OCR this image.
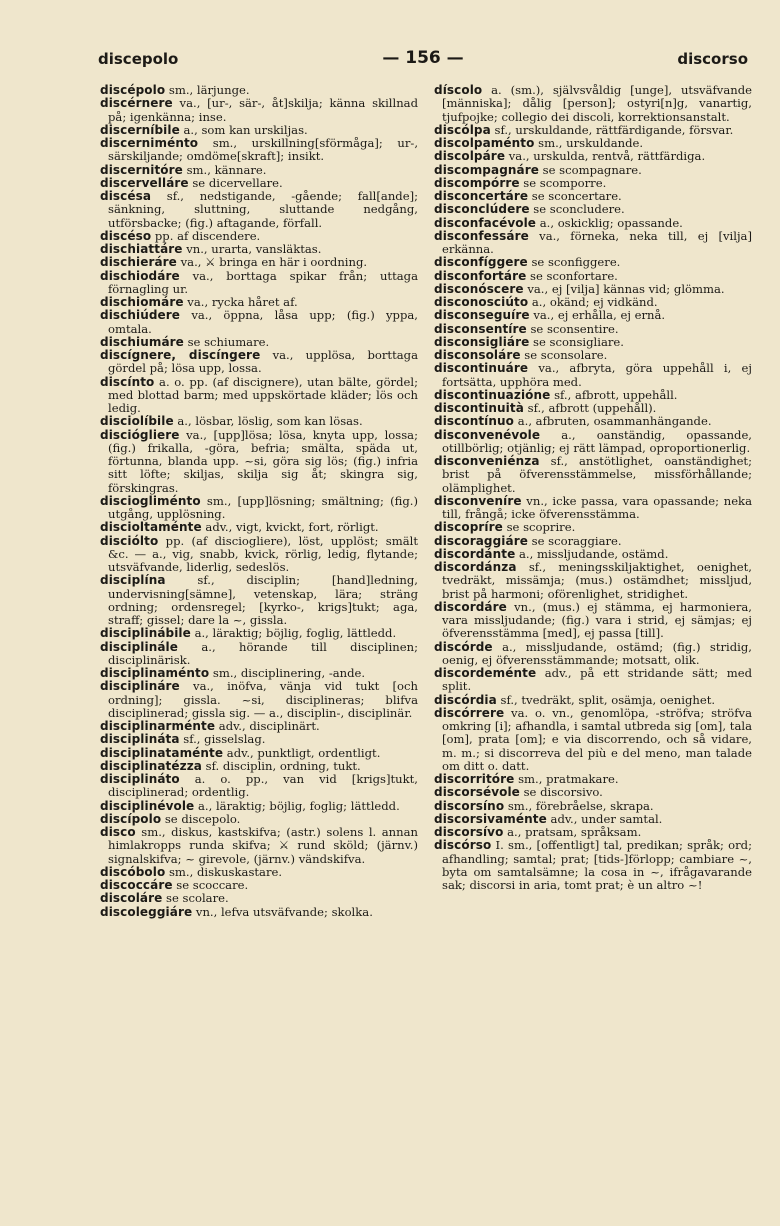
discepolo	— 156 —	discorso

discépolo sm., lärjunge.

discérnere va., [ur-, sär-, åt]skilja; känna skillnad på; igenkänna; inse.

discerníbile a., som kan urskiljas.

discerniménto sm., urskillning[sförmåga]; ur-, särskiljande; omdöme[skraft]; insikt.

discernitóre sm., kännare.

discervelláre se dicervellare.

discésa sf., nedstigande, -gående; fall[ande]; sänkning, sluttning, sluttande nedgång, utförsbacke; (fig.) aftagande, förfall.

discéso pp. af discendere.

dischiattáre vn., urarta, vansläktas.

dischieráre va., ⚔ bringa en här i oordning.

dischiodáre va., borttaga spikar från; uttaga förnagling ur.

dischiomáre va., rycka håret af.

dischiúdere va., öppna, låsa upp; (fig.) yppa, omtala.

dischiumáre se schiumare.

discígnere, discíngere va., upplösa, borttaga gördel på; lösa upp, lossa.

discínto a. o. pp. (af discignere), utan bälte, gördel; med blottad barm; med uppskörtade kläder; lös och ledig.

disciolíbile a., lösbar, löslig, som kan lösas.

disciógliere va., [upp]lösa; lösa, knyta upp, lossa; (fig.) frikalla, -göra, befria; smälta, späda ut, förtunna, blanda upp. ~si, göra sig lös; (fig.) infria sitt löfte; skiljas, skilja sig åt; skingra sig, förskingras.

disciogliménto sm., [upp]lösning; smältning; (fig.) utgång, upplösning.

discioltaménte adv., vigt, kvickt, fort, rörligt.

disciólto pp. (af disciogliere), löst, upplöst; smält &c. — a., vig, snabb, kvick, rörlig, ledig, flytande; utsväfvande, liderlig, sedeslös.

disciplína sf., disciplin; [hand]ledning, undervisning[sämne], vetenskap, lära; sträng ordning; ordensregel; [kyrko-, krigs]tukt; aga, straff; gissel; dare la ~, gissla.

disciplinábile a., läraktig; böjlig, foglig, lättledd.

disciplinále a., hörande till disciplinen; disciplinärisk.

disciplinaménto sm., disciplinering, -ande.

disciplináre va., inöfva, vänja vid tukt [och ordning]; gissla. ~si, disciplineras; blifva disciplinerad; gissla sig. — a., disciplin-, disciplinär.

disciplinarménte adv., disciplinärt.

disciplináta sf., gisselslag.

disciplinataménte adv., punktligt, ordentligt.

disciplinatézza sf. disciplin, ordning, tukt.

disciplináto a. o. pp., van vid [krigs]tukt, disciplinerad; ordentlig.

disciplinévole a., läraktig; böjlig, foglig; lättledd.

discípolo se discepolo.

disco sm., diskus, kastskifva; (astr.) solens l. annan himlakropps runda skifva; ⚔ rund sköld; (järnv.) signalskifva; ~ girevole, (järnv.) vändskifva.

discóbolo sm., diskuskastare.

discoccáre se scoccare.

discoláre se scolare.

discoleggiáre vn., lefva utsväfvande; skolka.

díscolo a. (sm.), självsvåldig [unge], utsväfvande [människa]; dålig [person]; ostyri[n]g, vanartig, tjufpojke; collegio dei discoli, korrektionsanstalt.

discólpa sf., urskuldande, rättfärdigande, försvar.

discolpaménto sm., urskuldande.

discolpáre va., urskulda, rentvå, rättfärdiga.

discompagnáre se scompagnare.

discompórre se scomporre.

disconcertáre se sconcertare.

disconclúdere se sconcludere.

disconfacévole a., oskicklig; opassande.

disconfessáre va., förneka, neka till, ej [vilja] erkänna.

disconfíggere se sconfiggere.

disconfortáre se sconfortare.

disconóscere va., ej [vilja] kännas vid; glömma.

disconosciúto a., okänd; ej vidkänd.

disconseguíre va., ej erhålla, ej ernå.

disconsentíre se sconsentire.

disconsigliáre se sconsigliare.

disconsoláre se sconsolare.

discontinuáre va., afbryta, göra uppehåll i, ej fortsätta, upphöra med.

discontinuazióne sf., afbrott, uppehåll.

discontinuità sf., afbrott (uppehåll).

discontínuo a., afbruten, osammanhängande.

disconvenévole a., oanständig, opassande, otillbörlig; otjänlig; ej rätt lämpad, oproportionerlig.

disconveniénza sf., anstötlighet, oanständighet; brist på öfverensstämmelse, missförhållande; olämplighet.

disconveníre vn., icke passa, vara opassande; neka till, frångå; icke öfverensstämma.

discopríre se scoprire.

discoraggiáre se scoraggiare.

discordánte a., missljudande, ostämd.

discordánza sf., meningsskiljaktighet, oenighet, tvedräkt, missämja; (mus.) ostämdhet; missljud, brist på harmoni; oförenlighet, stridighet.

discordáre vn., (mus.) ej stämma, ej harmoniera, vara missljudande; (fig.) vara i strid, ej sämjas; ej öfverensstämma [med], ej passa [till].

discórde a., missljudande, ostämd; (fig.) stridig, oenig, ej öfverensstämmande; motsatt, olik.

discordeménte adv., på ett stridande sätt; med split.

discórdia sf., tvedräkt, split, osämja, oenighet.

discórrere va. o. vn., genomlöpa, -ströfva; ströfva omkring [i]; afhandla, i samtal utbreda sig [om], tala [om], prata [om]; e via discorrendo, och så vidare, m. m.; si discorreva del più e del meno, man talade om ditt o. datt.

discorritóre sm., pratmakare.

discorsévole se discorsivo.

discorsíno sm., förebråelse, skrapa.

discorsivaménte adv., under samtal.

discorsívo a., pratsam, språksam.

discórso I. sm., [offentligt] tal, predikan; språk; ord; afhandling; samtal; prat; [tids-]förlopp; cambiare ~, byta om samtalsämne; la cosa in ~, ifrågavarande sak; discorsi in aria, tomt prat; è un altro ~!
